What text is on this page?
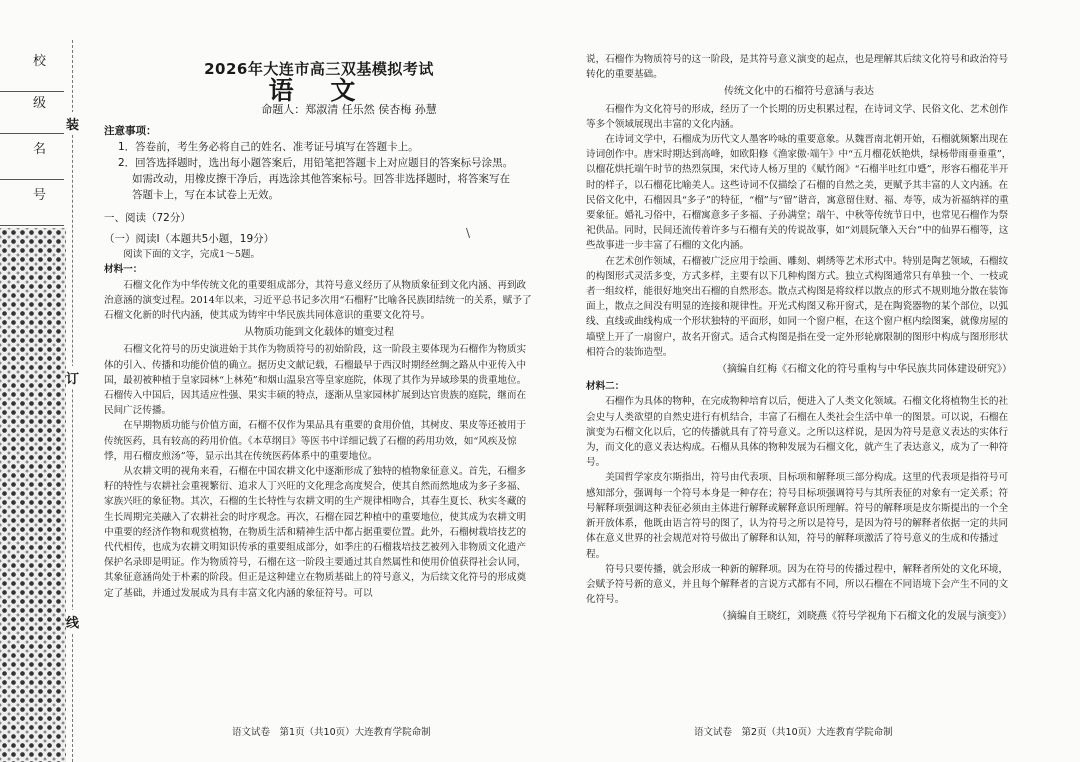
校
级
名
号
装
订
线
2026年大连市高三双基模拟考试
语 文
命题人：郑淑清 任乐然 侯杏梅 孙慧
注意事项：
1．答卷前，考生务必将自己的姓名、准考证号填写在答题卡上。
2．回答选择题时，选出每小题答案后，用铅笔把答题卡上对应题目的答案标号涂黑。
如需改动，用橡皮擦干净后，再选涂其他答案标号。回答非选择题时，将答案写在
答题卡上，写在本试卷上无效。
一、阅读（72分）
（一）阅读Ⅰ（本题共5小题，19分）

阅读下面的文字，完成1～5题。

材料一：

石榴文化作为中华传统文化的重要组成部分，其符号意义经历了从物质象征到文化内涵、再到政治意涵的演变过程。2014年以来，习近平总书记多次用“石榴籽”比喻各民族团结统一的关系，赋予了石榴文化新的时代内涵，使其成为铸牢中华民族共同体意识的重要文化符号。

从物质功能到文化载体的嬗变过程

石榴文化符号的历史演进始于其作为物质符号的初始阶段，这一阶段主要体现为石榴作为物质实体的引入、传播和功能价值的确立。据历史文献记载，石榴最早于西汉时期经丝绸之路从中亚传入中国，最初被种植于皇家园林“上林苑”和烟山温泉宫等皇家庭院，体现了其作为异域珍果的贵重地位。石榴传入中国后，因其适应性强、果实丰硕的特点，逐渐从皇家园林扩展到达官贵族的庭院，继而在民间广泛传播。

在早期物质功能与价值方面，石榴不仅作为果品具有重要的食用价值，其树皮、果皮等还被用于传统医药，具有较高的药用价值。《本草纲目》等医书中详细记载了石榴的药用功效，如“风疾及惊悸，用石榴皮煎汤”等，显示出其在传统医药体系中的重要地位。

从农耕文明的视角来看，石榴在中国农耕文化中逐渐形成了独特的植物象征意义。首先，石榴多籽的特性与农耕社会重视繁衍、追求人丁兴旺的文化理念高度契合，使其自然而然地成为多子多福、家族兴旺的象征物。其次，石榴的生长特性与农耕文明的生产规律相吻合，其春生夏长、秋实冬藏的生长周期完美融入了农耕社会的时序观念。再次，石榴在园艺种植中的重要地位，使其成为农耕文明中重要的经济作物和观赏植物，在物质生活和精神生活中都占据重要位置。此外，石榴树栽培技艺的代代相传，也成为农耕文明知识传承的重要组成部分，如季庄的石榴栽培技艺被列入非物质文化遗产保护名录即是明证。作为物质符号，石榴在这一阶段主要通过其自然属性和使用价值获得社会认同，其象征意涵尚处于朴素的阶段。但正是这种建立在物质基础上的符号意义，为后续文化符号的形成奠定了基础，并通过发展成为具有丰富文化内涵的象征符号。可以

\
语文试卷　第1页（共10页）大连教育学院命制

说，石榴作为物质符号的这一阶段，是其符号意义演变的起点，也是理解其后续文化符号和政治符号转化的重要基础。

传统文化中的石榴符号意涵与表达

石榴作为文化符号的形成，经历了一个长期的历史积累过程，在诗词文学、民俗文化、艺术创作等多个领域展现出丰富的文化内涵。

在诗词文学中，石榴成为历代文人墨客吟咏的重要意象。从魏晋南北朝开始，石榴就频繁出现在诗词创作中。唐宋时期达到高峰，如欧阳修《渔家傲·端午》中“五月榴花妖艳烘，绿杨带雨垂垂重”，以榴花烘托端午时节的热烈氛围，宋代诗人杨万里的《赋竹阁》“石榴半吐红巾蹙”，形容石榴花半开时的样子，以石榴花比喻美人。这些诗词不仅描绘了石榴的自然之美，更赋予其丰富的人文内涵。在民俗文化中，石榴因具“多子”的特征，“榴”与“留”谐音，寓意留住财、福、寿等，成为祈福纳祥的重要象征。婚礼习俗中，石榴寓意多子多福、子孙满堂；端午、中秋等传统节日中，也常见石榴作为祭祀供品。同时，民间还流传着许多与石榴有关的传说故事，如“刘晨阮肇入天台”中的仙界石榴等，这些故事进一步丰富了石榴的文化内涵。

在艺术创作领域，石榴被广泛应用于绘画、雕刻、刺绣等艺术形式中。特别是陶艺领域，石榴纹的构图形式灵活多变，方式多样，主要有以下几种构图方式。独立式构图通常只有单独一个、一枝或者一组纹样，能很好地突出石榴的自然形态。散点式构图是将纹样以散点的形式不规则地分散在装饰面上，散点之间没有明显的连接和规律性。开光式构图又称开窗式，是在陶瓷器物的某个部位，以弧线、直线或曲线构成一个形状独特的平面形，如同一个窗户框，在这个窗户框内绘图案，就像房屋的墙壁上开了一扇窗户，故名开窗式。适合式构图是指在受一定外形轮廓限制的图形中构成与图形形状相符合的装饰造型。

（摘编自红梅《石榴文化的符号重构与中华民族共同体建设研究》）
材料二：

石榴作为具体的物种，在完成物种培育以后，便进入了人类文化领域。石榴文化将植物生长的社会史与人类欲望的自然史进行有机结合，丰富了石榴在人类社会生活中单一的图景。可以说，石榴在演变为石榴文化以后，它的传播就具有了符号意义。之所以这样说，是因为符号是意义表达的实体行为，而文化的意义表达构成。石榴从具体的物种发展为石榴文化，就产生了表达意义，成为了一种符号。

美国哲学家皮尔斯指出，符号由代表项、目标项和解释项三部分构成。这里的代表项是指符号可感知部分，强调每一个符号本身是一种存在；符号目标项强调符号与其所表征的对象有一定关系；符号解释项强调这种表征必须由主体进行解释或解释意识所理解。符号的解释项是皮尔斯提出的一个全新开放体系，他既由语言符号的图了，认为符号之所以是符号，是因为符号的解释者依据一定的共同体在意义世界的社会规范对符号做出了解释和认知，符号的解释项激活了符号意义的生成和传播过程。

符号只要传播，就会形成一种新的解释项。因为在符号的传播过程中，解释者所处的文化环境，会赋予符号新的意义，并且每个解释者的言说方式都有不同，所以石榴在不同语境下会产生不同的文化符号。

（摘编自王晓红，刘晓燕《符号学视角下石榴文化的发展与演变》）
语文试卷　第2页（共10页）大连教育学院命制
